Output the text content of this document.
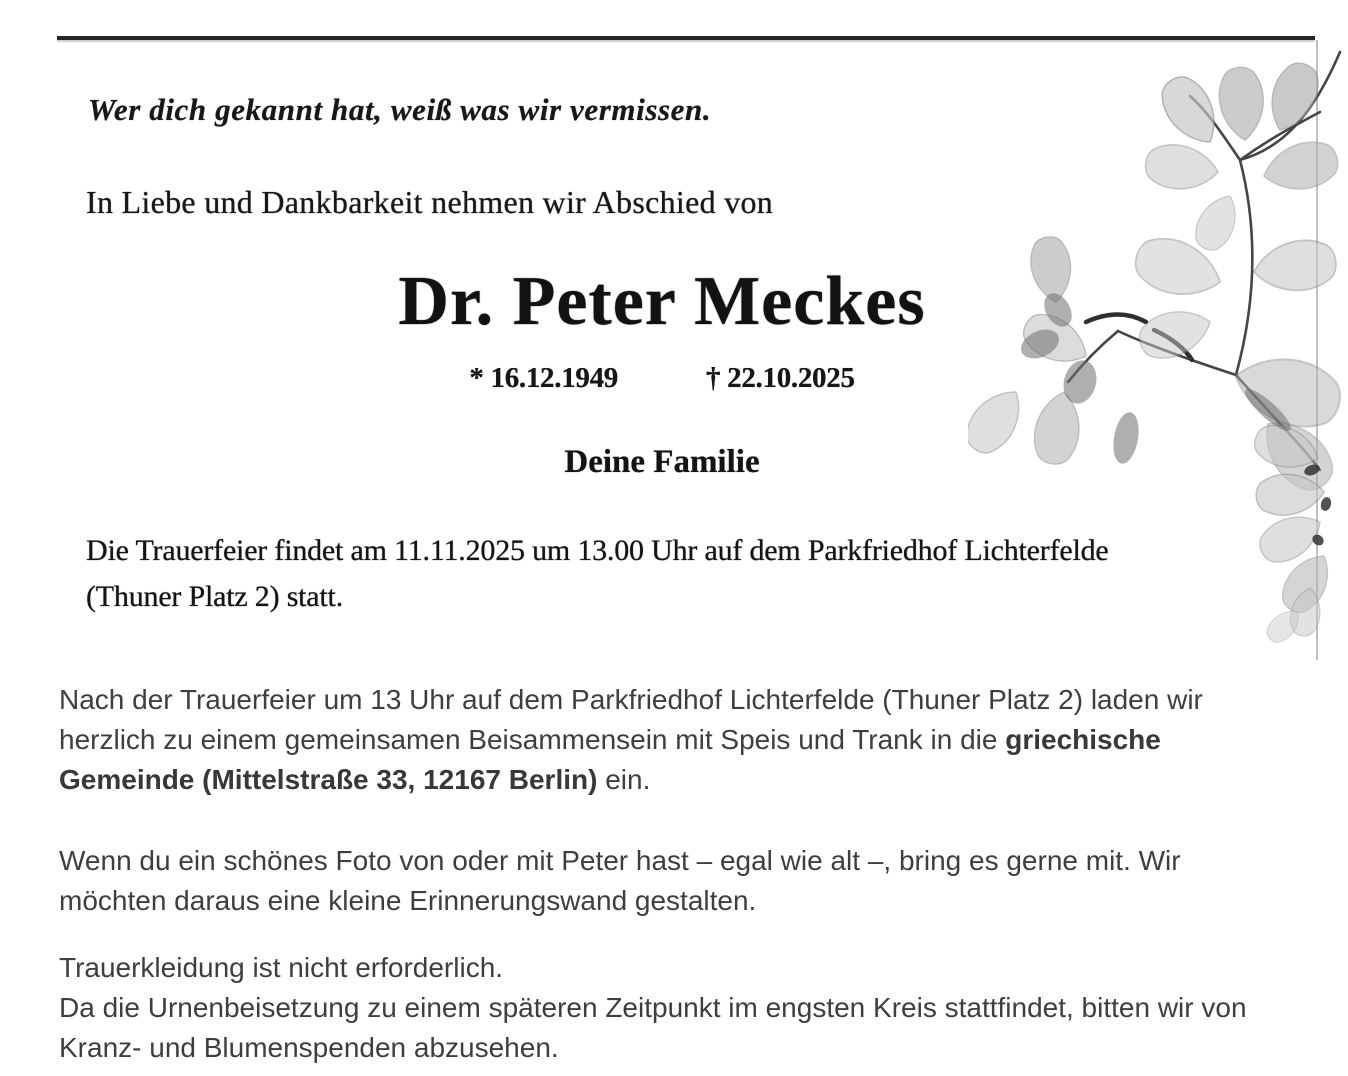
Wer dich gekannt hat, weiß was wir vermissen.
In Liebe und Dankbarkeit nehmen wir Abschied von
Dr. Peter Meckes
* 16.12.1949	† 22.10.2025
Deine Familie
Die Trauerfeier findet am 11.11.2025 um 13.00 Uhr auf dem Parkfriedhof Lichterfelde
(Thuner Platz 2) statt.
Nach der Trauerfeier um 13 Uhr auf dem Parkfriedhof Lichterfelde (Thuner Platz 2) laden wir
herzlich zu einem gemeinsamen Beisammensein mit Speis und Trank in die griechische
Gemeinde (Mittelstraße 33, 12167 Berlin) ein.
Wenn du ein schönes Foto von oder mit Peter hast – egal wie alt –, bring es gerne mit. Wir
möchten daraus eine kleine Erinnerungswand gestalten.
Trauerkleidung ist nicht erforderlich.
Da die Urnenbeisetzung zu einem späteren Zeitpunkt im engsten Kreis stattfindet, bitten wir von
Kranz- und Blumenspenden abzusehen.
